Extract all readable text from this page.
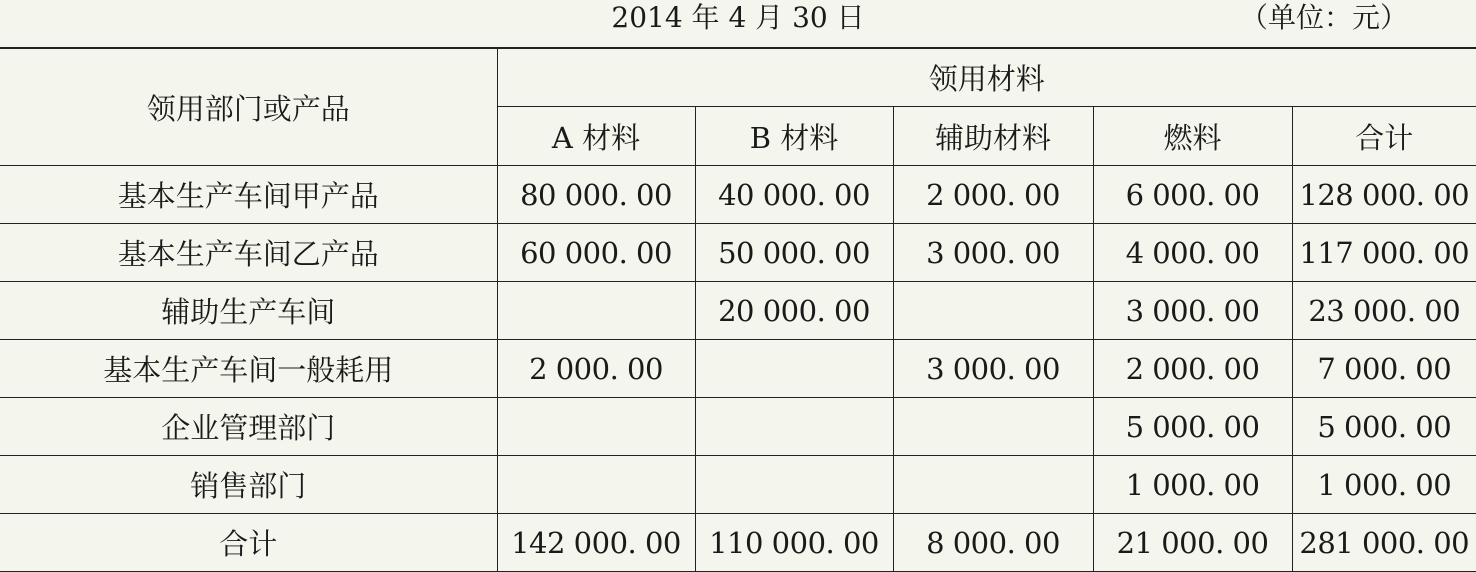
2014 年 4 月 30 日	（单位：元）
领用部门或产品	领用材料				
	A 材料	B 材料	辅助材料	燃料	合计
基本生产车间甲产品	80 000. 00	40 000. 00	2 000. 00	6 000. 00	128 000. 00
基本生产车间乙产品	60 000. 00	50 000. 00	3 000. 00	4 000. 00	117 000. 00
辅助生产车间		20 000. 00		3 000. 00	23 000. 00
基本生产车间一般耗用	2 000. 00		3 000. 00	2 000. 00	7 000. 00
企业管理部门				5 000. 00	5 000. 00
销售部门				1 000. 00	1 000. 00
合计	142 000. 00	110 000. 00	8 000. 00	21 000. 00	281 000. 00
